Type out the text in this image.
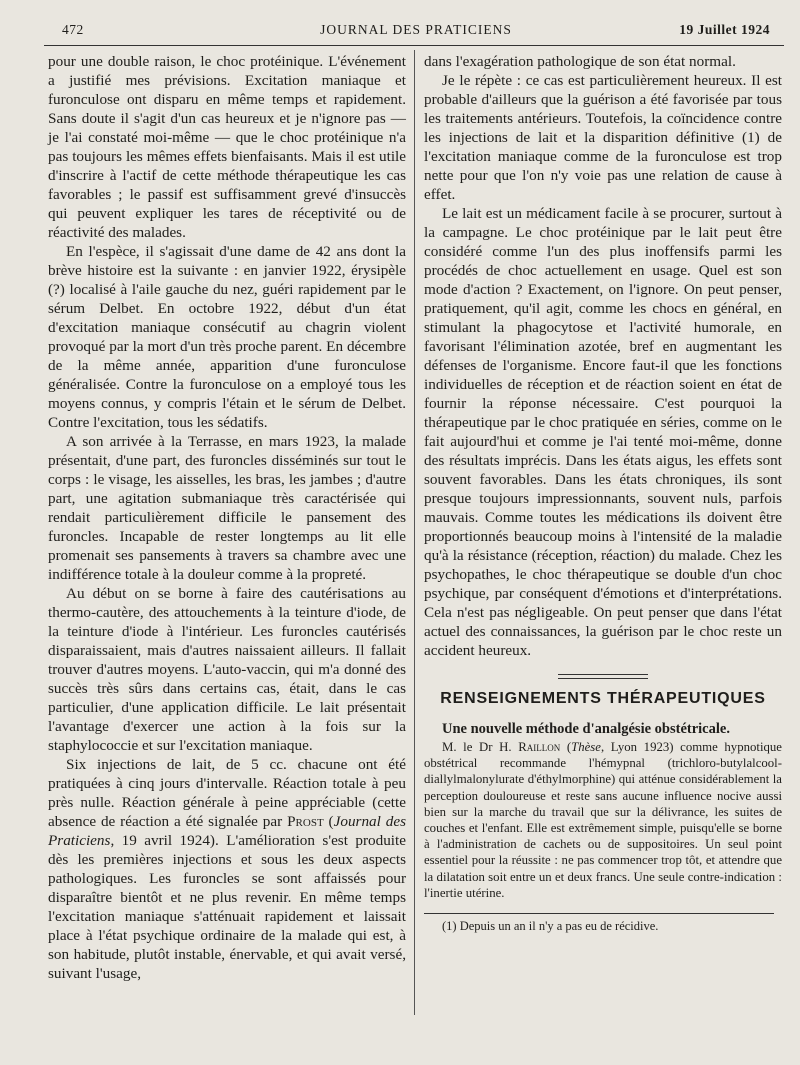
472	JOURNAL DES PRATICIENS	19 Juillet 1924

pour une double raison, le choc protéinique. L'événement a justifié mes prévisions. Excitation maniaque et furonculose ont disparu en même temps et rapidement. Sans doute il s'agit d'un cas heureux et je n'ignore pas — je l'ai constaté moi-même — que le choc protéinique n'a pas toujours les mêmes effets bienfaisants. Mais il est utile d'inscrire à l'actif de cette méthode thérapeutique les cas favorables ; le passif est suffisamment grevé d'insuccès qui peuvent expliquer les tares de réceptivité ou de réactivité des malades.

En l'espèce, il s'agissait d'une dame de 42 ans dont la brève histoire est la suivante : en janvier 1922, érysipèle (?) localisé à l'aile gauche du nez, guéri rapidement par le sérum Delbet. En octobre 1922, début d'un état d'excitation maniaque consécutif au chagrin violent provoqué par la mort d'un très proche parent. En décembre de la même année, apparition d'une furonculose généralisée. Contre la furonculose on a employé tous les moyens connus, y compris l'étain et le sérum de Delbet. Contre l'excitation, tous les sédatifs.

A son arrivée à la Terrasse, en mars 1923, la malade présentait, d'une part, des furoncles disséminés sur tout le corps : le visage, les aisselles, les bras, les jambes ; d'autre part, une agitation submaniaque très caractérisée qui rendait particulièrement difficile le pansement des furoncles. Incapable de rester longtemps au lit elle promenait ses pansements à travers sa chambre avec une indifférence totale à la douleur comme à la propreté.

Au début on se borne à faire des cautérisations au thermo-cautère, des attouchements à la teinture d'iode, de la teinture d'iode à l'intérieur. Les furoncles cautérisés disparaissaient, mais d'autres naissaient ailleurs. Il fallait trouver d'autres moyens. L'auto-vaccin, qui m'a donné des succès très sûrs dans certains cas, était, dans le cas particulier, d'une application difficile. Le lait présentait l'avantage d'exercer une action à la fois sur la staphylococcie et sur l'excitation maniaque.

Six injections de lait, de 5 cc. chacune ont été pratiquées à cinq jours d'intervalle. Réaction totale à peu près nulle. Réaction générale à peine appréciable (cette absence de réaction a été signalée par Prost (Journal des Praticiens, 19 avril 1924). L'amélioration s'est produite dès les premières injections et sous les deux aspects pathologiques. Les furoncles se sont affaissés pour disparaître bientôt et ne plus revenir. En même temps l'excitation maniaque s'atténuait rapidement et laissait place à l'état psychique ordinaire de la malade qui est, à son habitude, plutôt instable, énervable, et qui avait versé, suivant l'usage,

dans l'exagération pathologique de son état normal.

Je le répète : ce cas est particulièrement heureux. Il est probable d'ailleurs que la guérison a été favorisée par tous les traitements antérieurs. Toutefois, la coïncidence contre les injections de lait et la disparition définitive (1) de l'excitation maniaque comme de la furonculose est trop nette pour que l'on n'y voie pas une relation de cause à effet.

Le lait est un médicament facile à se procurer, surtout à la campagne. Le choc protéinique par le lait peut être considéré comme l'un des plus inoffensifs parmi les procédés de choc actuellement en usage. Quel est son mode d'action ? Exactement, on l'ignore. On peut penser, pratiquement, qu'il agit, comme les chocs en général, en stimulant la phagocytose et l'activité humorale, en favorisant l'élimination azotée, bref en augmentant les défenses de l'organisme. Encore faut-il que les fonctions individuelles de réception et de réaction soient en état de fournir la réponse nécessaire. C'est pourquoi la thérapeutique par le choc pratiquée en séries, comme on le fait aujourd'hui et comme je l'ai tenté moi-même, donne des résultats imprécis. Dans les états aigus, les effets sont souvent favorables. Dans les états chroniques, ils sont presque toujours impressionnants, souvent nuls, parfois mauvais. Comme toutes les médications ils doivent être proportionnés beaucoup moins à l'intensité de la maladie qu'à la résistance (réception, réaction) du malade. Chez les psychopathes, le choc thérapeutique se double d'un choc psychique, par conséquent d'émotions et d'interprétations. Cela n'est pas négligeable. On peut penser que dans l'état actuel des connaissances, la guérison par le choc reste un accident heureux.

RENSEIGNEMENTS THÉRAPEUTIQUES

Une nouvelle méthode d'analgésie obstétricale.

M. le Dr H. Raillon (Thèse, Lyon 1923) comme hypnotique obstétrical recommande l'hémypnal (trichloro-butylalcool-diallylmalonylurate d'éthylmorphine) qui atténue considérablement la perception douloureuse et reste sans aucune influence nocive aussi bien sur la marche du travail que sur la délivrance, les suites de couches et l'enfant. Elle est extrêmement simple, puisqu'elle se borne à l'administration de cachets ou de suppositoires. Un seul point essentiel pour la réussite : ne pas commencer trop tôt, et attendre que la dilatation soit entre un et deux francs. Une seule contre-indication : l'inertie utérine.

(1) Depuis un an il n'y a pas eu de récidive.
